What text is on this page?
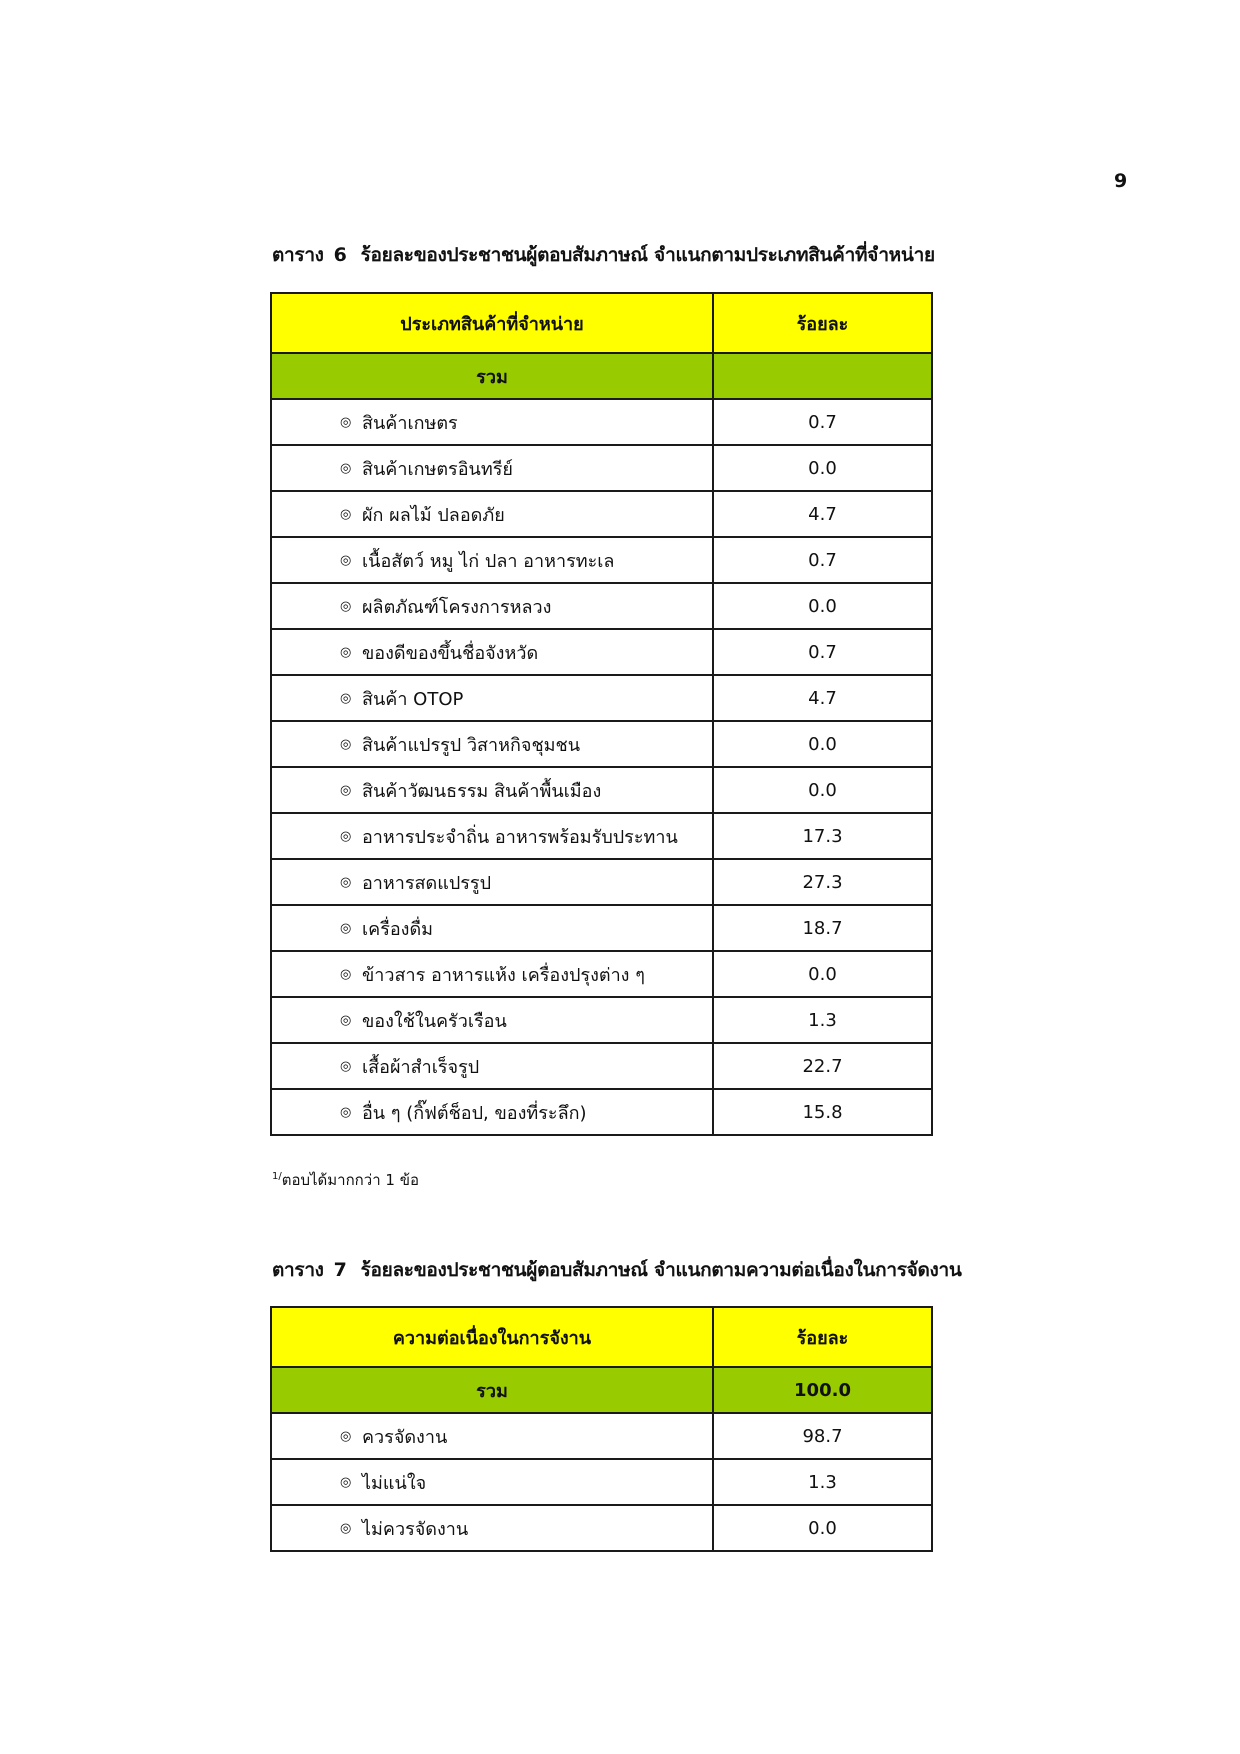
9
ตาราง 6 ร้อยละของประชาชนผู้ตอบสัมภาษณ์ จำแนกตามประเภทสินค้าที่จำหน่าย
ประเภทสินค้าที่จำหน่าย	ร้อยละ
รวม	
◎ สินค้าเกษตร	0.7
◎ สินค้าเกษตรอินทรีย์	0.0
◎ ผัก ผลไม้ ปลอดภัย	4.7
◎ เนื้อสัตว์ หมู ไก่ ปลา อาหารทะเล	0.7
◎ ผลิตภัณฑ์โครงการหลวง	0.0
◎ ของดีของขึ้นชื่อจังหวัด	0.7
◎ สินค้า OTOP	4.7
◎ สินค้าแปรรูป วิสาหกิจชุมชน	0.0
◎ สินค้าวัฒนธรรม สินค้าพื้นเมือง	0.0
◎ อาหารประจำถิ่น อาหารพร้อมรับประทาน	17.3
◎ อาหารสดแปรรูป	27.3
◎ เครื่องดื่ม	18.7
◎ ข้าวสาร อาหารแห้ง เครื่องปรุงต่าง ๆ	0.0
◎ ของใช้ในครัวเรือน	1.3
◎ เสื้อผ้าสำเร็จรูป	22.7
◎ อื่น ๆ (กิ๊ฟต์ช็อป, ของที่ระลึก)	15.8
$^{1/}$ตอบได้มากกว่า 1 ข้อ
ตาราง 7 ร้อยละของประชาชนผู้ตอบสัมภาษณ์ จำแนกตามความต่อเนื่องในการจัดงาน
ความต่อเนื่องในการจังาน	ร้อยละ
รวม	100.0
◎ ควรจัดงาน	98.7
◎ ไม่แน่ใจ	1.3
◎ ไม่ควรจัดงาน	0.0
